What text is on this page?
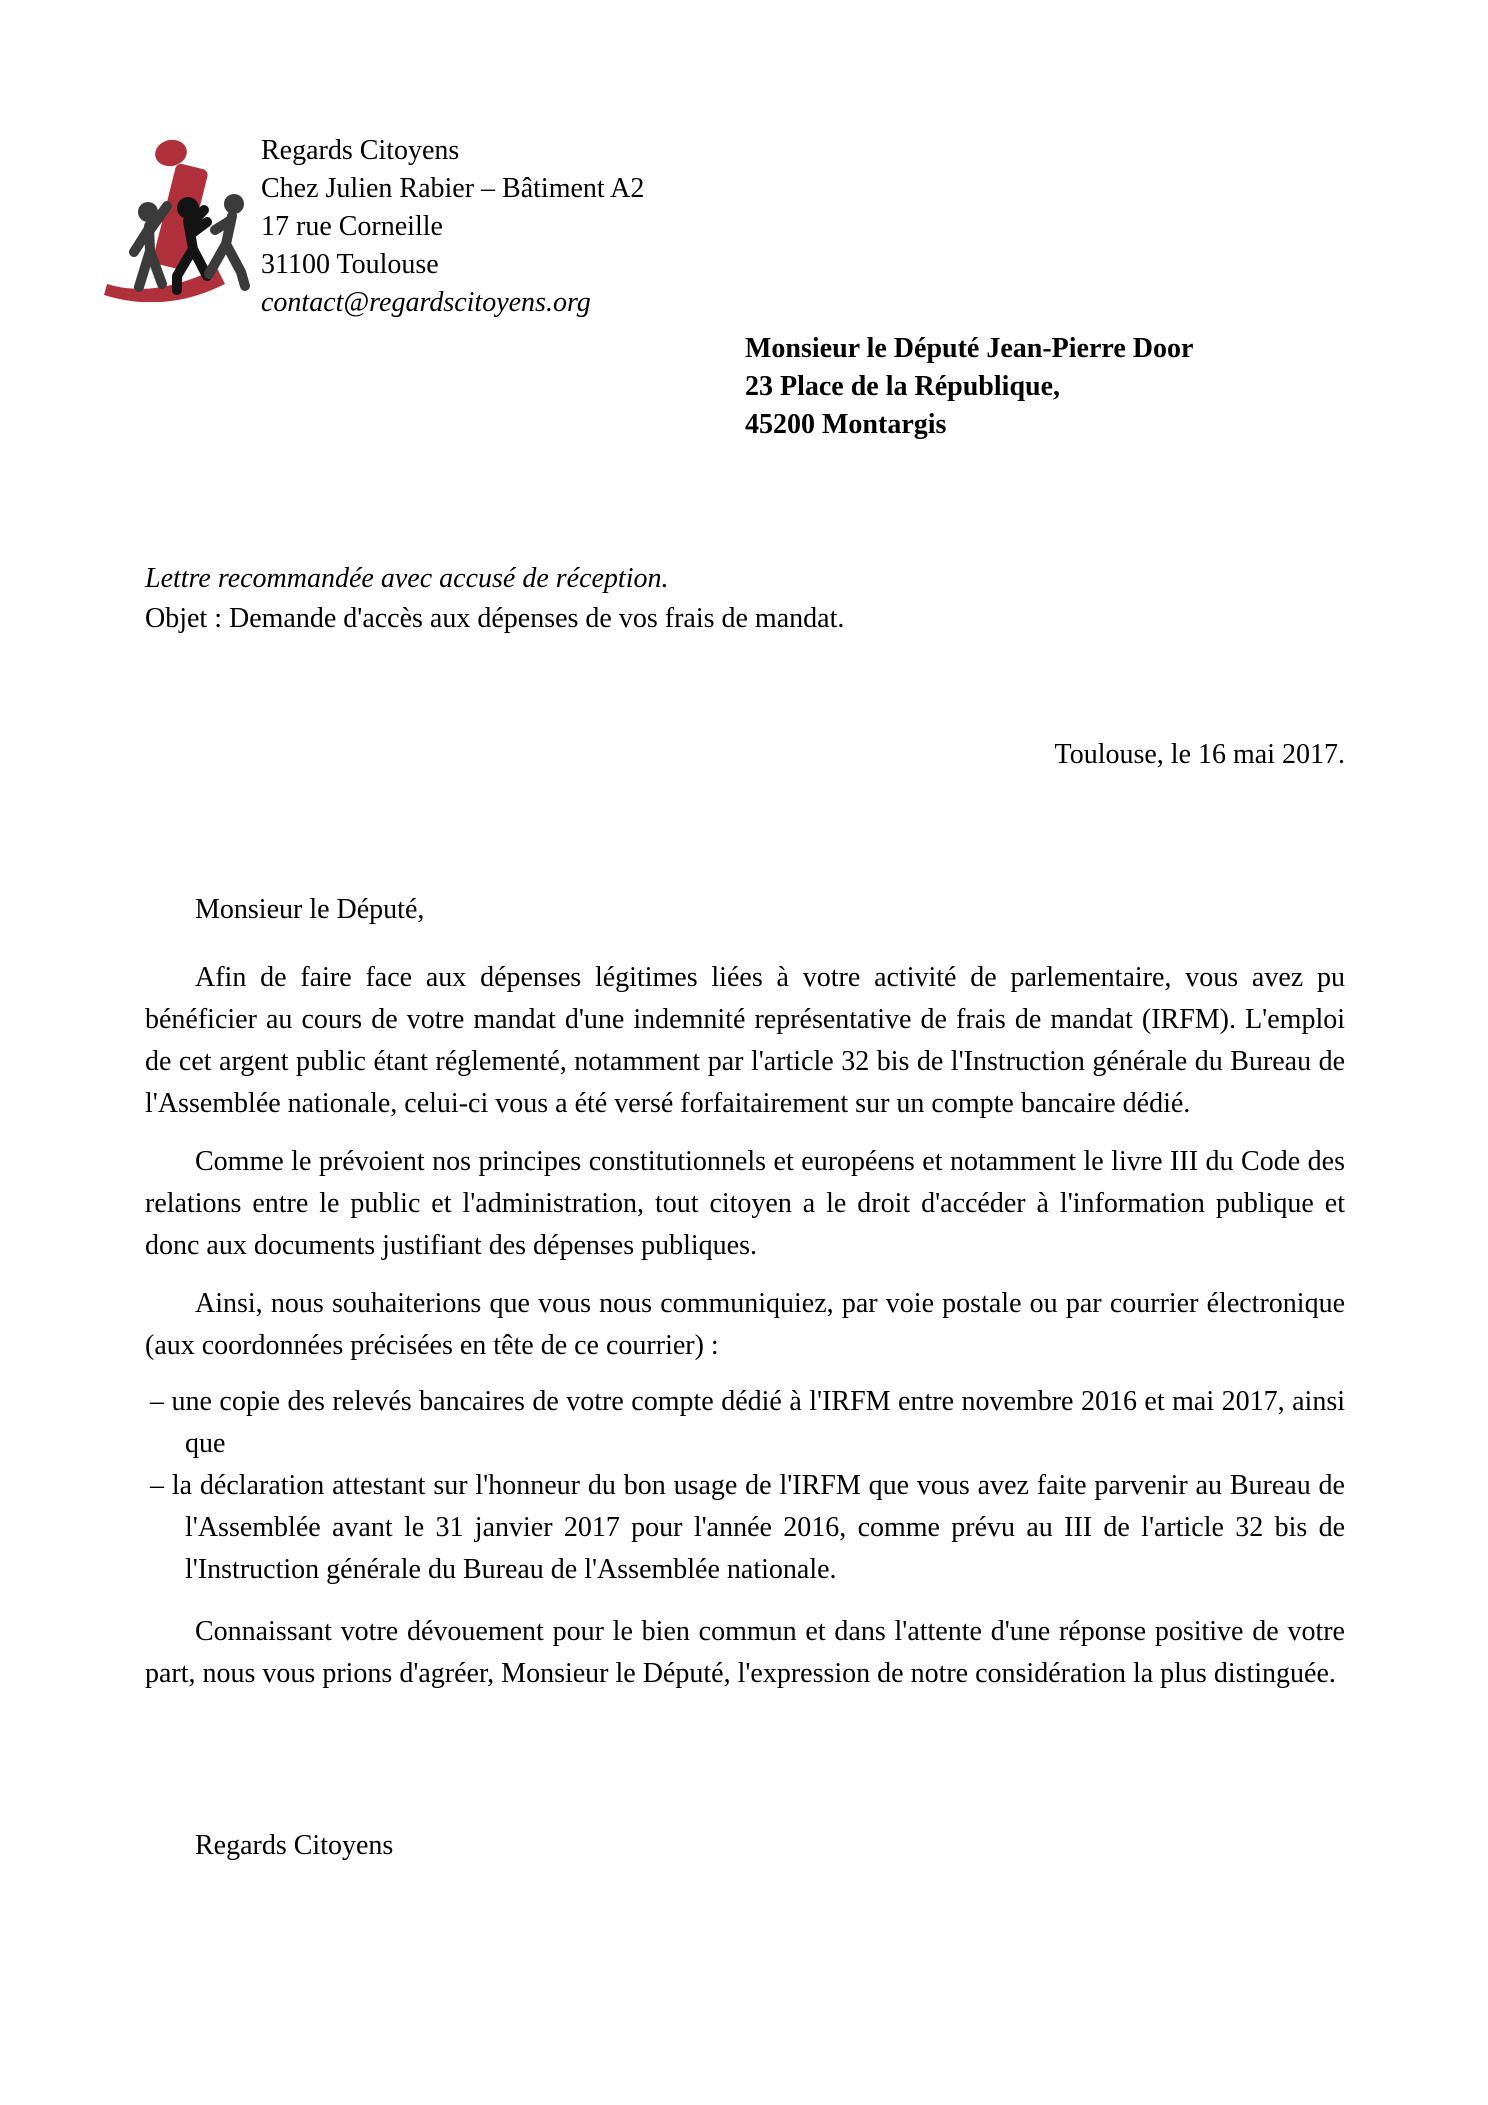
Regards Citoyens
Chez Julien Rabier – Bâtiment A2
17 rue Corneille
31100 Toulouse
contact@regardscitoyens.org
Monsieur le Député Jean-Pierre Door
23 Place de la République,
45200 Montargis
Lettre recommandée avec accusé de réception.
Objet : Demande d'accès aux dépenses de vos frais de mandat.
Toulouse, le 16 mai 2017.
Monsieur le Député,

Afin de faire face aux dépenses légitimes liées à votre activité de parlementaire, vous avez pu bénéficier au cours de votre mandat d'une indemnité représentative de frais de mandat (IRFM). L'emploi de cet argent public étant réglementé, notamment par l'article 32 bis de l'Instruction générale du Bureau de l'Assemblée nationale, celui-ci vous a été versé forfaitairement sur un compte bancaire dédié.

Comme le prévoient nos principes constitutionnels et européens et notamment le livre III du Code des relations entre le public et l'administration, tout citoyen a le droit d'accéder à l'information publique et donc aux documents justifiant des dépenses publiques.

Ainsi, nous souhaiterions que vous nous communiquiez, par voie postale ou par courrier électronique (aux coordonnées précisées en tête de ce courrier) :

– une copie des relevés bancaires de votre compte dédié à l'IRFM entre novembre 2016 et mai 2017, ainsi que
– la déclaration attestant sur l'honneur du bon usage de l'IRFM que vous avez faite parvenir au Bureau de l'Assemblée avant le 31 janvier 2017 pour l'année 2016, comme prévu au III de l'article 32 bis de l'Instruction générale du Bureau de l'Assemblée nationale.

Connaissant votre dévouement pour le bien commun et dans l'attente d'une réponse positive de votre part, nous vous prions d'agréer, Monsieur le Député, l'expression de notre considération la plus distinguée.

Regards Citoyens
